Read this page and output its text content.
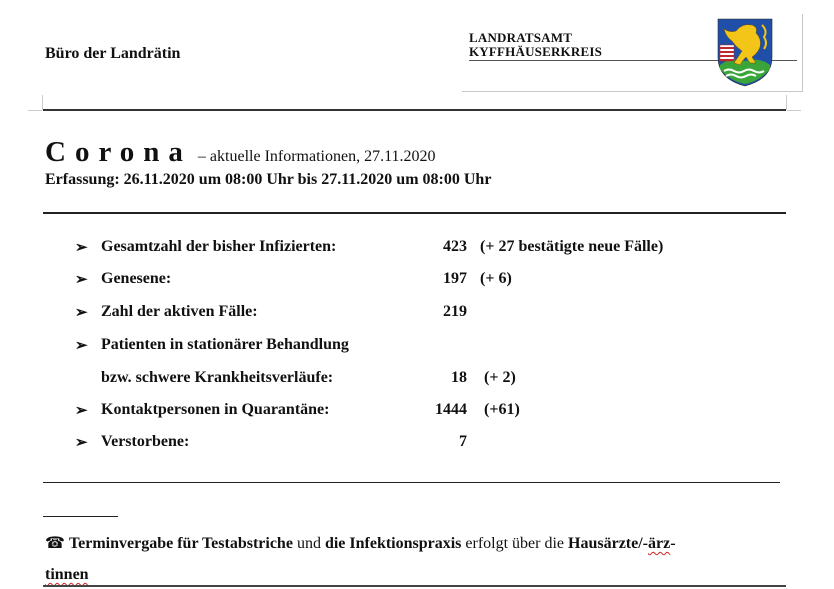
Büro der Landrätin
LANDRATSAMT
KYFFHÄUSERKREIS
Corona – aktuelle Informationen, 27.11.2020
Erfassung: 26.11.2020 um 08:00 Uhr bis 27.11.2020 um 08:00 Uhr
➢ Gesamtzahl der bisher Infizierten:	423 (+ 27 bestätigte neue Fälle)
➢ Genesene:	197 (+ 6)
➢ Zahl der aktiven Fälle:	219
➢ Patienten in stationärer Behandlung
bzw. schwere Krankheitsverläufe:	18 (+ 2)
➢ Kontaktpersonen in Quarantäne:	1444 (+61)
➢ Verstorbene:	7
☎ Terminvergabe für Testabstriche und die Infektionspraxis erfolgt über die Hausärzte/-ärz-
tinnen
